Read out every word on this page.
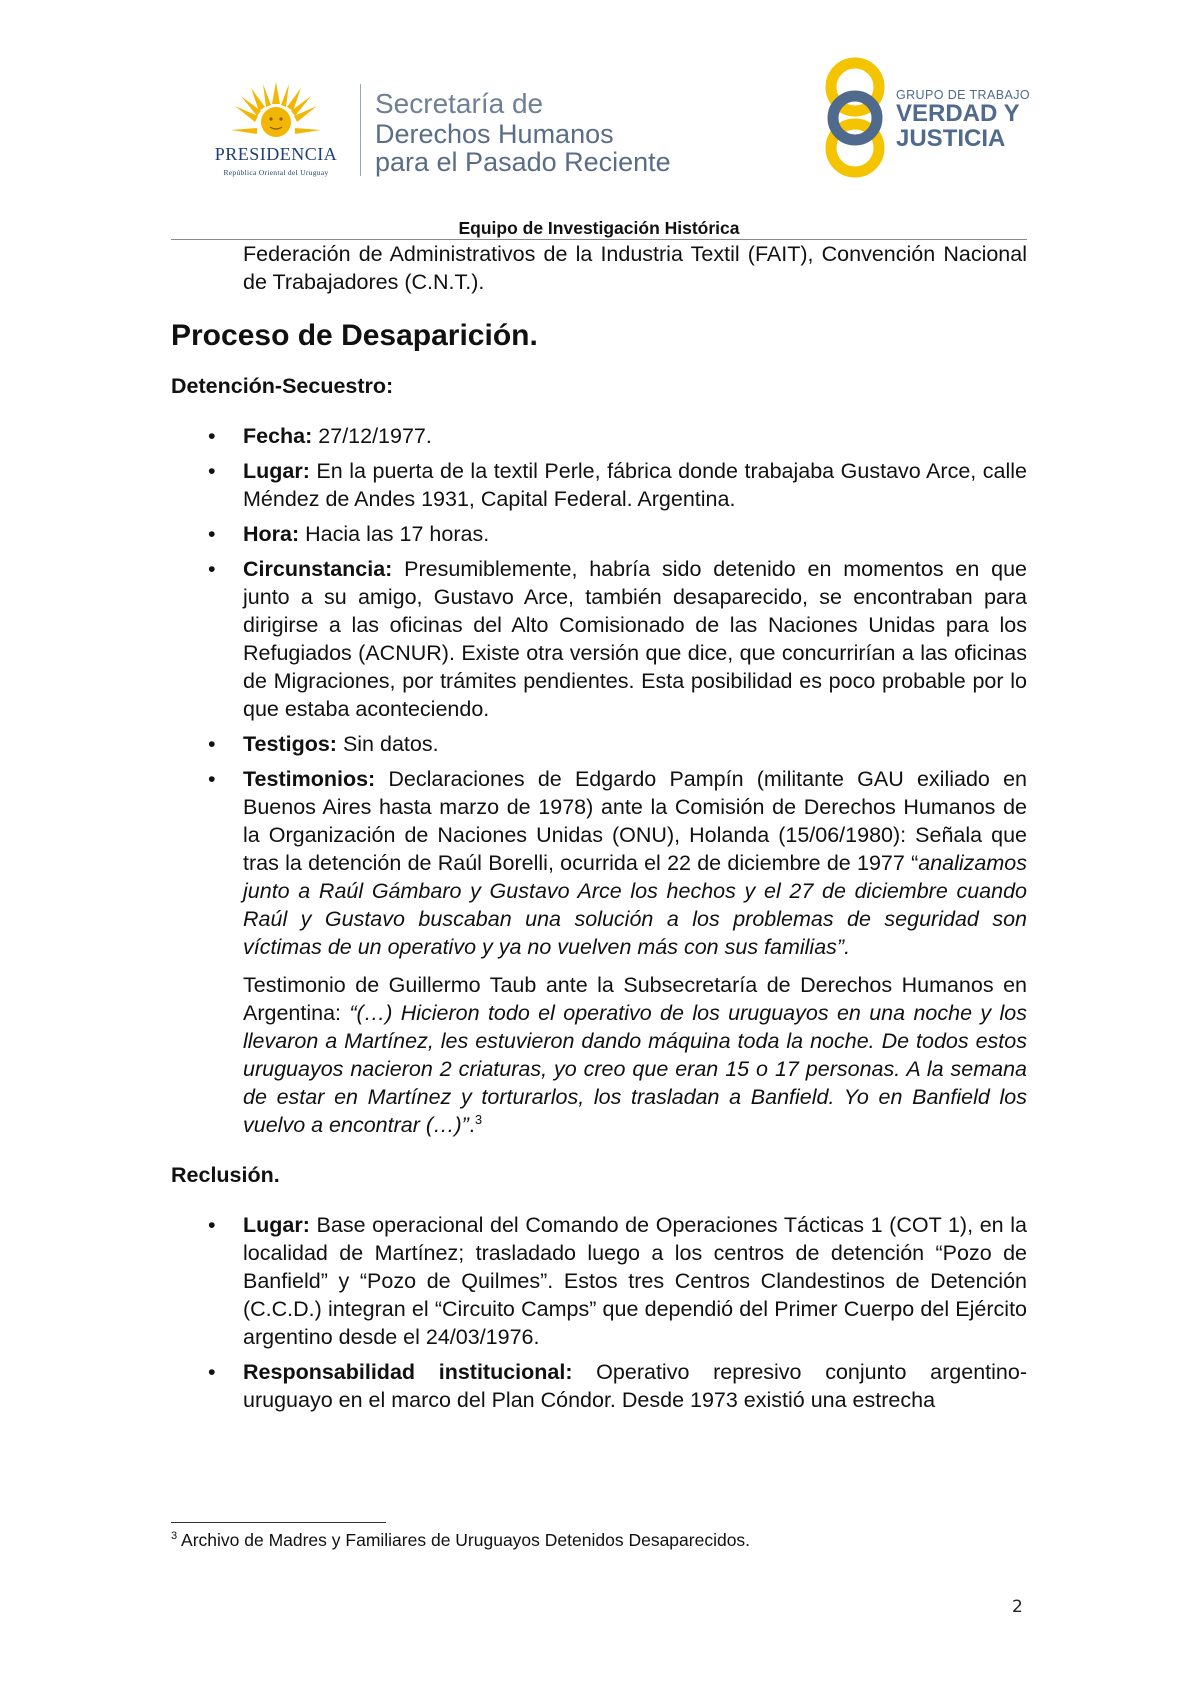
PRESIDENCIA
República Oriental del Uruguay
Secretaría de
Derechos Humanos
para el Pasado Reciente
GRUPO DE TRABAJO
VERDAD Y
JUSTICIA
Equipo de Investigación Histórica

Federación de Administrativos de la Industria Textil (FAIT), Convención Nacional de Trabajadores (C.N.T.).

Proceso de Desaparición.
Detención-Secuestro:
• Fecha: 27/12/1977.
• Lugar: En la puerta de la textil Perle, fábrica donde trabajaba Gustavo Arce, calle Méndez de Andes 1931, Capital Federal. Argentina.
• Hora: Hacia las 17 horas.
• Circunstancia: Presumiblemente, habría sido detenido en momentos en que junto a su amigo, Gustavo Arce, también desaparecido, se encontraban para dirigirse a las oficinas del Alto Comisionado de las Naciones Unidas para los Refugiados (ACNUR). Existe otra versión que dice, que concurrirían a las oficinas de Migraciones, por trámites pendientes. Esta posibilidad es poco probable por lo que estaba aconteciendo.
• Testigos: Sin datos.
• Testimonios: Declaraciones de Edgardo Pampín (militante GAU exiliado en Buenos Aires hasta marzo de 1978) ante la Comisión de Derechos Humanos de la Organización de Naciones Unidas (ONU), Holanda (15/06/1980): Señala que tras la detención de Raúl Borelli, ocurrida el 22 de diciembre de 1977 “analizamos junto a Raúl Gámbaro y Gustavo Arce los hechos y el 27 de diciembre cuando Raúl y Gustavo buscaban una solución a los problemas de seguridad son víctimas de un operativo y ya no vuelven más con sus familias”.

Testimonio de Guillermo Taub ante la Subsecretaría de Derechos Humanos en Argentina: “(…) Hicieron todo el operativo de los uruguayos en una noche y los llevaron a Martínez, les estuvieron dando máquina toda la noche. De todos estos uruguayos nacieron 2 criaturas, yo creo que eran 15 o 17 personas. A la semana de estar en Martínez y torturarlos, los trasladan a Banfield. Yo en Banfield los vuelvo a encontrar (…)”.$^3$

Reclusión.
• Lugar: Base operacional del Comando de Operaciones Tácticas 1 (COT 1), en la localidad de Martínez; trasladado luego a los centros de detención “Pozo de Banfield” y “Pozo de Quilmes”. Estos tres Centros Clandestinos de Detención (C.C.D.) integran el “Circuito Camps” que dependió del Primer Cuerpo del Ejército argentino desde el 24/03/1976.
• Responsabilidad institucional: Operativo represivo conjunto argentino-uruguayo en el marco del Plan Cóndor. Desde 1973 existió una estrecha
$^3$ Archivo de Madres y Familiares de Uruguayos Detenidos Desaparecidos.
2
